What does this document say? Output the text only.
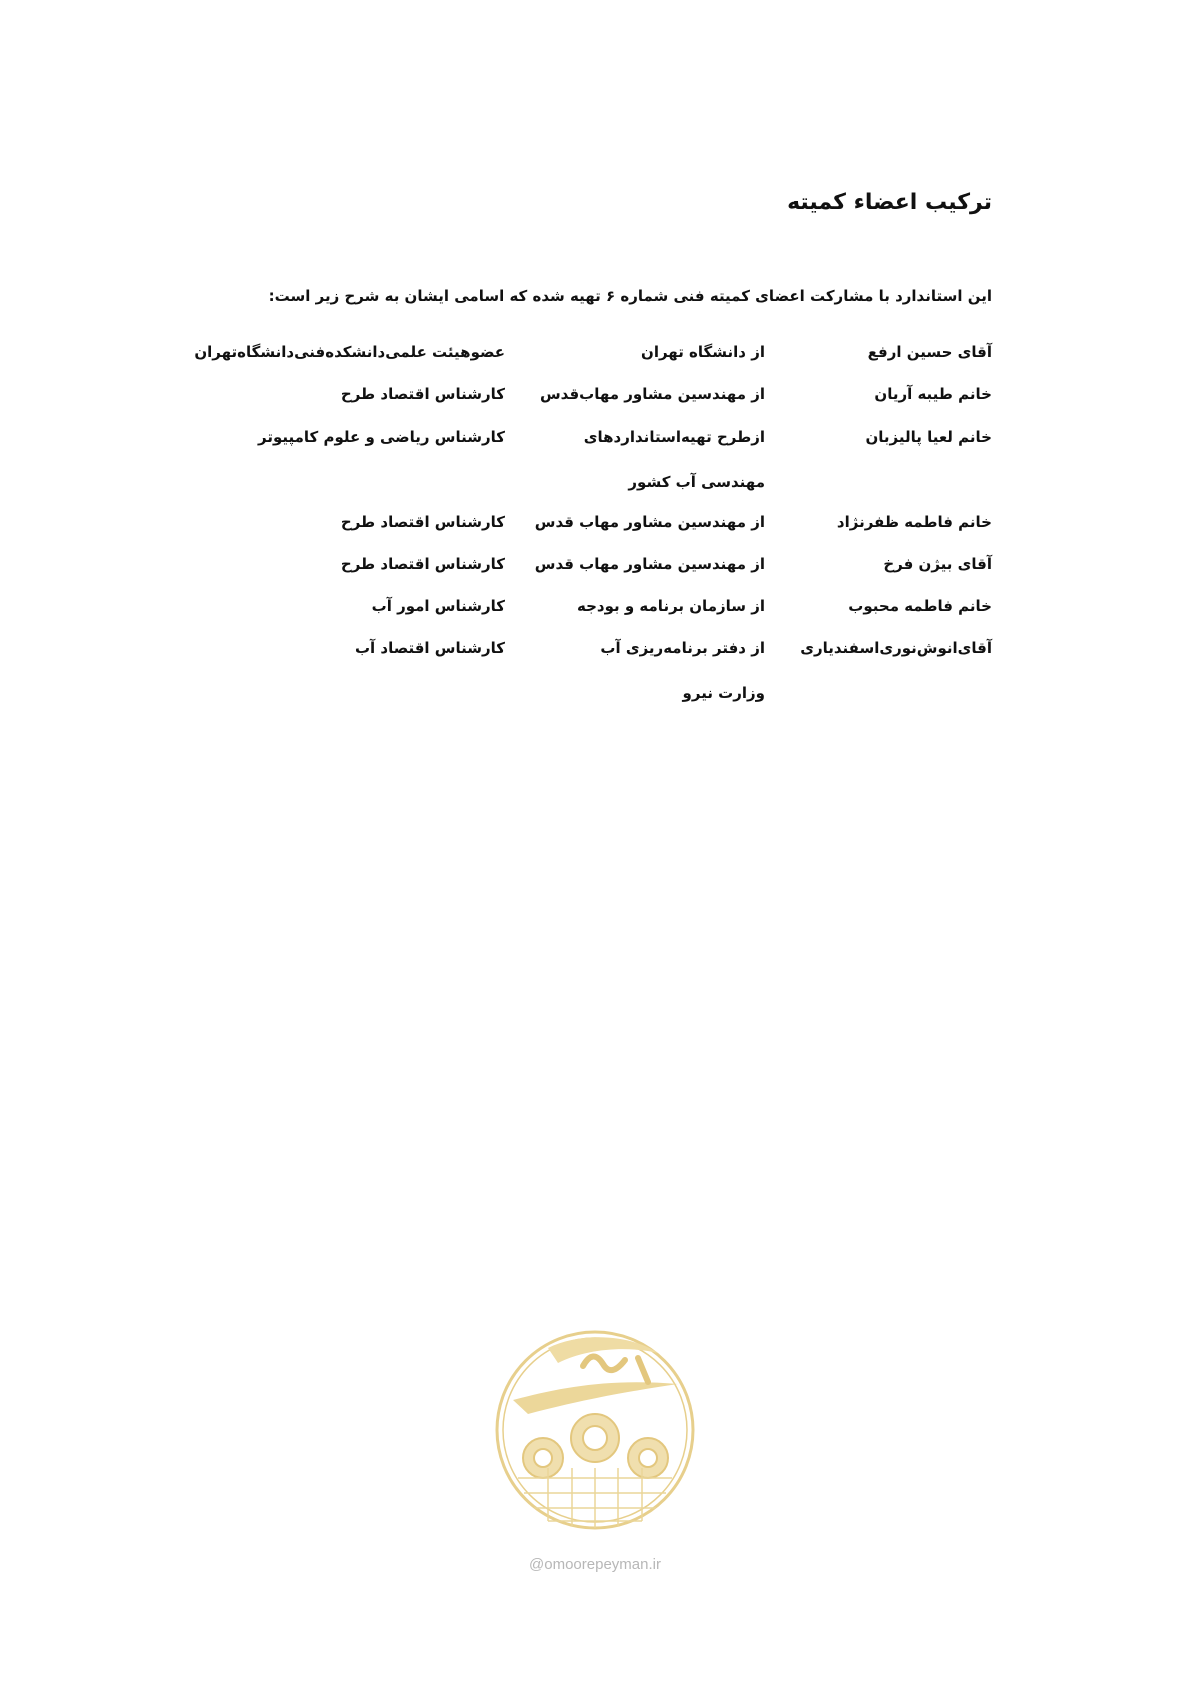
ترکیب اعضاء کمیته
این استاندارد با مشارکت اعضای کمیته فنی شماره ۶ تهیه شده که اسامی ایشان به شرح زیر است:
آقای حسین ارفع
از دانشگاه تهران
عضوهیئت علمی‌دانشکده‌فنی‌دانشگاه‌تهران
خانم طیبه آریان
از مهندسین مشاور مهاب‌قدس
کارشناس اقتصاد طرح
خانم لعیا پالیزبان
ازطرح تهیه‌استانداردهای
مهندسی آب کشور
کارشناس ریاضی و علوم کامپیوتر
خانم فاطمه ظفرنژاد
از مهندسین مشاور مهاب قدس
کارشناس اقتصاد طرح
آقای بیژن فرخ
از مهندسین مشاور مهاب قدس
کارشناس اقتصاد طرح
خانم فاطمه محبوب
از سازمان برنامه و بودجه
کارشناس امور آب
آقای‌انوش‌نوری‌اسفندیاری
از دفتر برنامه‌ریزی آب
وزارت نیرو
کارشناس اقتصاد آب
@omoorepeyman.ir
